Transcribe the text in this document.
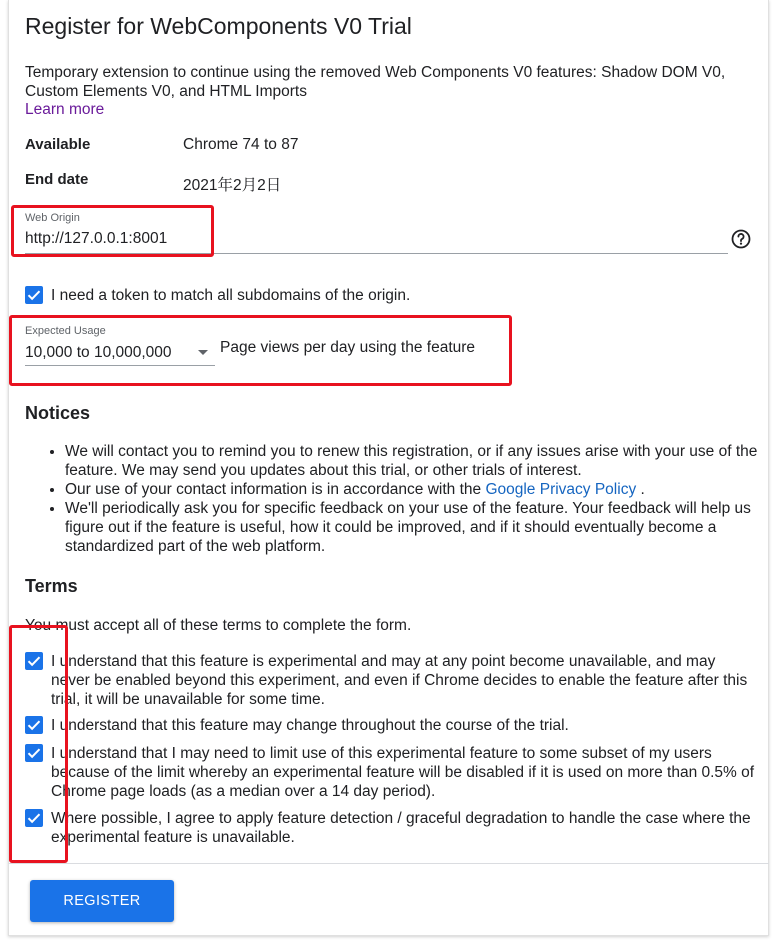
Register for WebComponents V0 Trial

Temporary extension to continue using the removed Web Components V0 features: Shadow DOM V0, Custom Elements V0, and HTML Imports

Learn more
Available	Chrome 74 to 87
End date	2021年2月2日
Web Origin
http://127.0.0.1:8001
I need a token to match all subdomains of the origin.
Expected Usage
10,000 to 10,000,000	Page views per day using the feature
Notices
• We will contact you to remind you to renew this registration, or if any issues arise with your use of the feature. We may send you updates about this trial, or other trials of interest.
• Our use of your contact information is in accordance with the Google Privacy Policy .
• We'll periodically ask you for specific feedback on your use of the feature. Your feedback will help us figure out if the feature is useful, how it could be improved, and if it should eventually become a standardized part of the web platform.
Terms
You must accept all of these terms to complete the form.
I understand that this feature is experimental and may at any point become unavailable, and may never be enabled beyond this experiment, and even if Chrome decides to enable the feature after this trial, it will be unavailable for some time.
I understand that this feature may change throughout the course of the trial.
I understand that I may need to limit use of this experimental feature to some subset of my users because of the limit whereby an experimental feature will be disabled if it is used on more than 0.5% of Chrome page loads (as a median over a 14 day period).
Where possible, I agree to apply feature detection / graceful degradation to handle the case where the experimental feature is unavailable.
REGISTER
